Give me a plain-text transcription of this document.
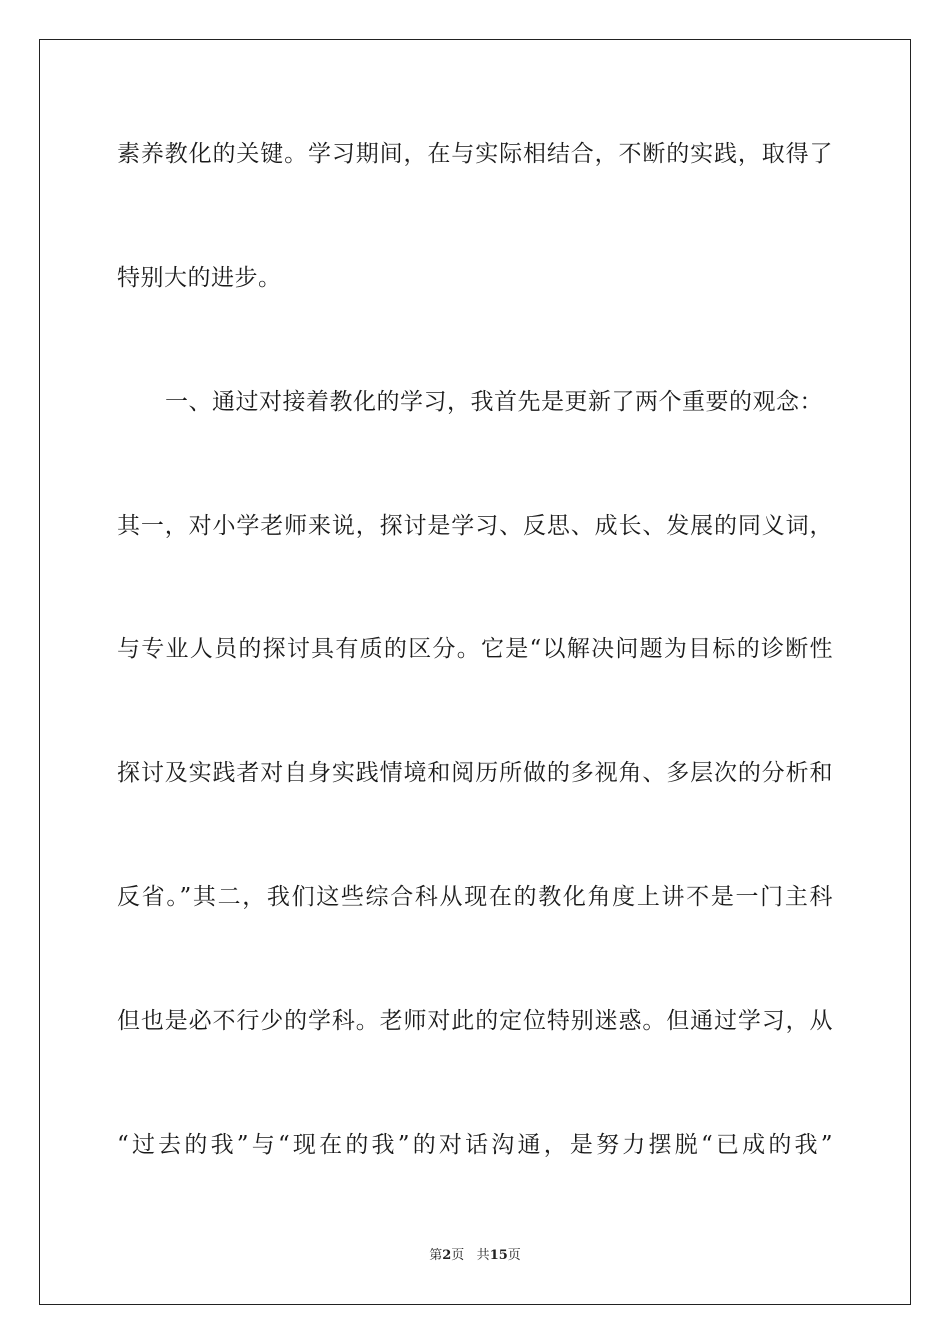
素养教化的关键。学习期间，在与实际相结合，不断的实践，取得了
特别大的进步。
一、通过对接着教化的学习，我首先是更新了两个重要的观念：
其一，对小学老师来说，探讨是学习、反思、成长、发展的同义词，
与专业人员的探讨具有质的区分。它是“以解决问题为目标的诊断性
探讨及实践者对自身实践情境和阅历所做的多视角、多层次的分析和
反省。”其二，我们这些综合科从现在的教化角度上讲不是一门主科
但也是必不行少的学科。老师对此的定位特别迷惑。但通过学习，从
“过去的我”与“现在的我”的对话沟通，是努力摆脱“已成的我”
第2页 共15页
